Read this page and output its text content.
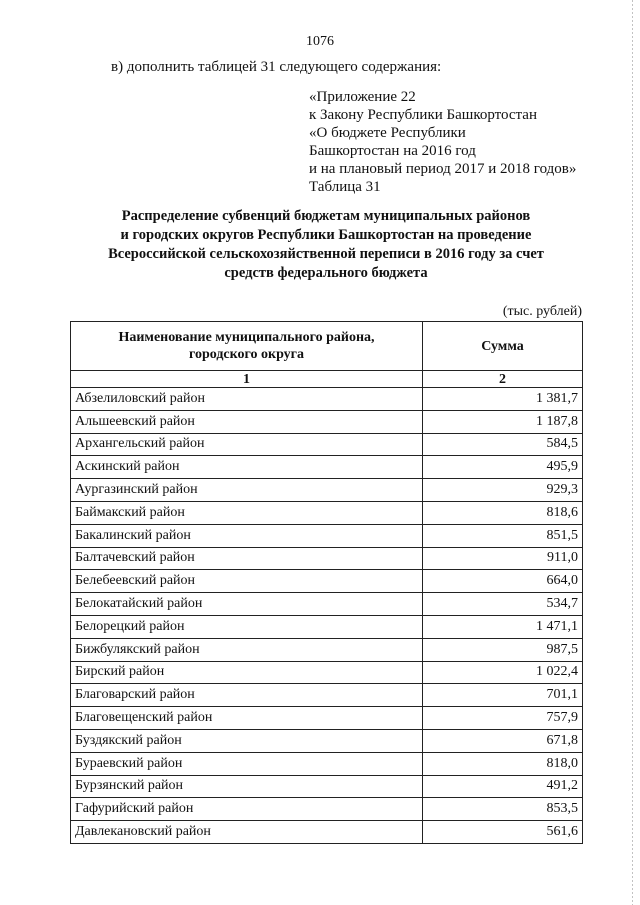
1076
в) дополнить таблицей 31 следующего содержания:
«Приложение 22
к Закону Республики Башкортостан
«О бюджете Республики
Башкортостан на 2016 год
и на плановый период 2017 и 2018 годов»
Таблица 31
Распределение субвенций бюджетам муниципальных районов
и городских округов Республики Башкортостан на проведение
Всероссийской сельскохозяйственной переписи в 2016 году за счет
средств федерального бюджета
(тыс. рублей)
Наименование муниципального района, городского округа	Сумма
1	2
Абзелиловский район	1 381,7
Альшеевский район	1 187,8
Архангельский район	584,5
Аскинский район	495,9
Аургазинский район	929,3
Баймакский район	818,6
Бакалинский район	851,5
Балтачевский район	911,0
Белебеевский район	664,0
Белокатайский район	534,7
Белорецкий район	1 471,1
Бижбулякский район	987,5
Бирский район	1 022,4
Благоварский район	701,1
Благовещенский район	757,9
Буздякский район	671,8
Бураевский район	818,0
Бурзянский район	491,2
Гафурийский район	853,5
Давлекановский район	561,6
